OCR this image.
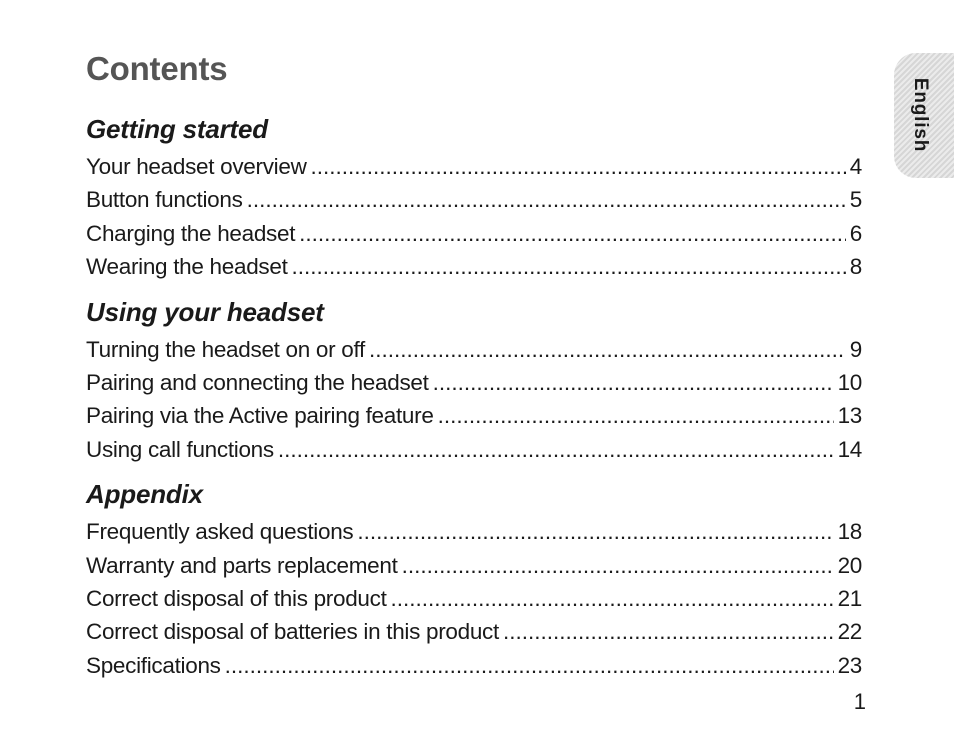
Contents
English
Getting started
Your headset overview .....	4
Button functions .....	5
Charging the headset .....	6
Wearing the headset .....	8
Using your headset
Turning the headset on or off .....	9
Pairing and connecting the headset .....	10
Pairing via the Active pairing feature .....	13
Using call functions .....	14
Appendix
Frequently asked questions .....	18
Warranty and parts replacement .....	20
Correct disposal of this product .....	21
Correct disposal of batteries in this product .....	22
Specifications .....	23
1
